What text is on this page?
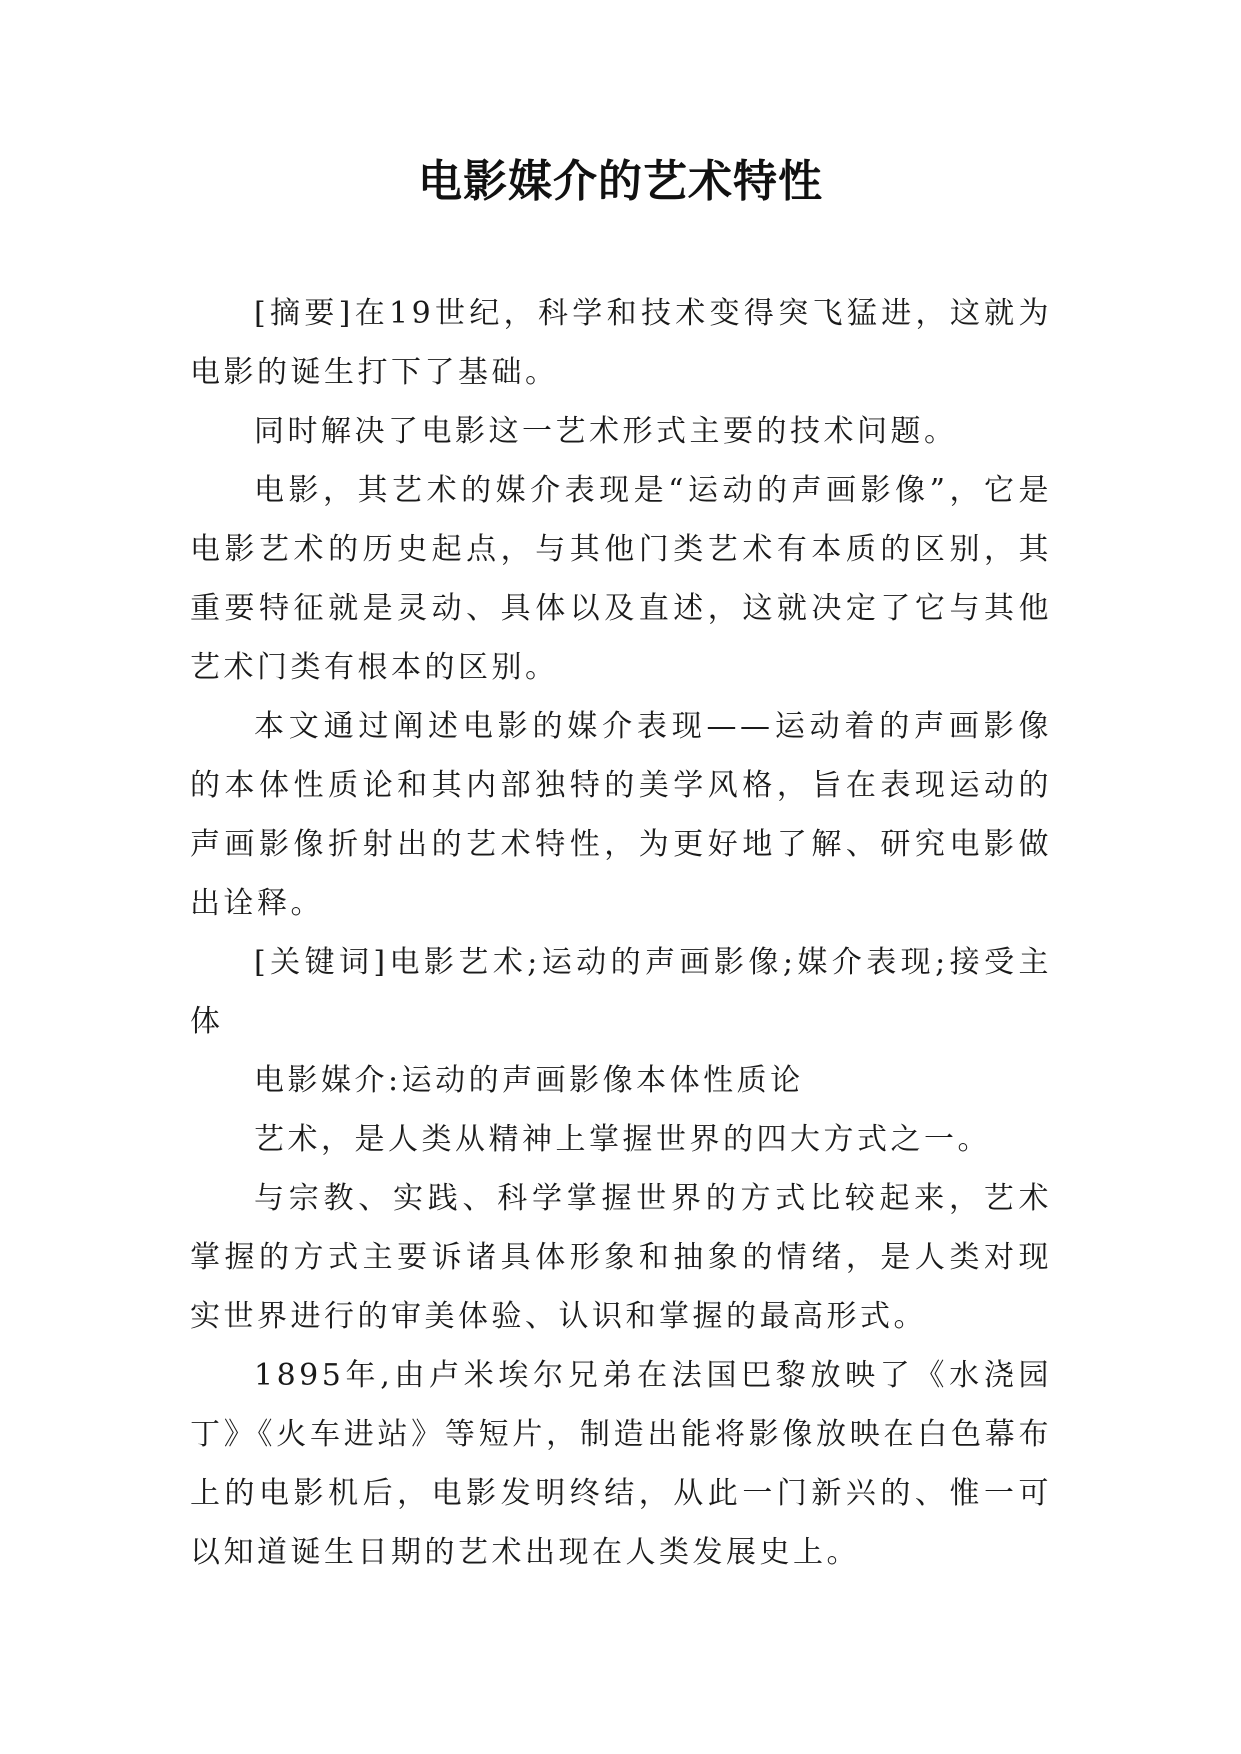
电影媒介的艺术特性

[摘要]在19世纪，科学和技术变得突飞猛进，这就为电影的诞生打下了基础。

同时解决了电影这一艺术形式主要的技术问题。

电影，其艺术的媒介表现是“运动的声画影像”，它是电影艺术的历史起点，与其他门类艺术有本质的区别，其重要特征就是灵动、具体以及直述，这就决定了它与其他艺术门类有根本的区别。

本文通过阐述电影的媒介表现——运动着的声画影像的本体性质论和其内部独特的美学风格，旨在表现运动的声画影像折射出的艺术特性，为更好地了解、研究电影做出诠释。

[关键词]电影艺术;运动的声画影像;媒介表现;接受主体

电影媒介:运动的声画影像本体性质论

艺术，是人类从精神上掌握世界的四大方式之一。

与宗教、实践、科学掌握世界的方式比较起来，艺术掌握的方式主要诉诸具体形象和抽象的情绪，是人类对现实世界进行的审美体验、认识和掌握的最高形式。

1895年,由卢米埃尔兄弟在法国巴黎放映了《水浇园丁》《火车进站》等短片，制造出能将影像放映在白色幕布上的电影机后，电影发明终结，从此一门新兴的、惟一可以知道诞生日期的艺术出现在人类发展史上。
